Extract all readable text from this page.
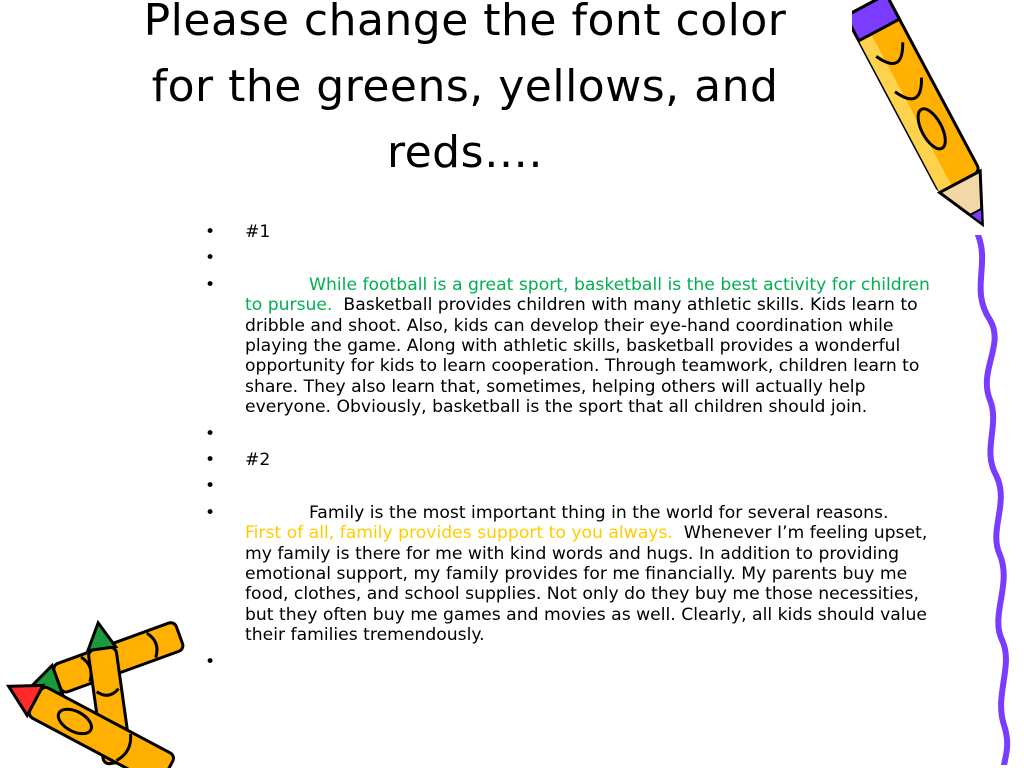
Please change the font color for the greens, yellows, and reds….
• #1
•
•	While football is a great sport, basketball is the best activity for children to pursue. Basketball provides children with many athletic skills. Kids learn to dribble and shoot. Also, kids can develop their eye-hand coordination while playing the game. Along with athletic skills, basketball provides a wonderful opportunity for kids to learn cooperation. Through teamwork, children learn to share. They also learn that, sometimes, helping others will actually help everyone. Obviously, basketball is the sport that all children should join.
•
• #2
•
•	Family is the most important thing in the world for several reasons.  First of all, family provides support to you always. Whenever I’m feeling upset, my family is there for me with kind words and hugs. In addition to providing emotional support, my family provides for me financially. My parents buy me food, clothes, and school supplies. Not only do they buy me those necessities, but they often buy me games and movies as well. Clearly, all kids should value their families tremendously.
•
